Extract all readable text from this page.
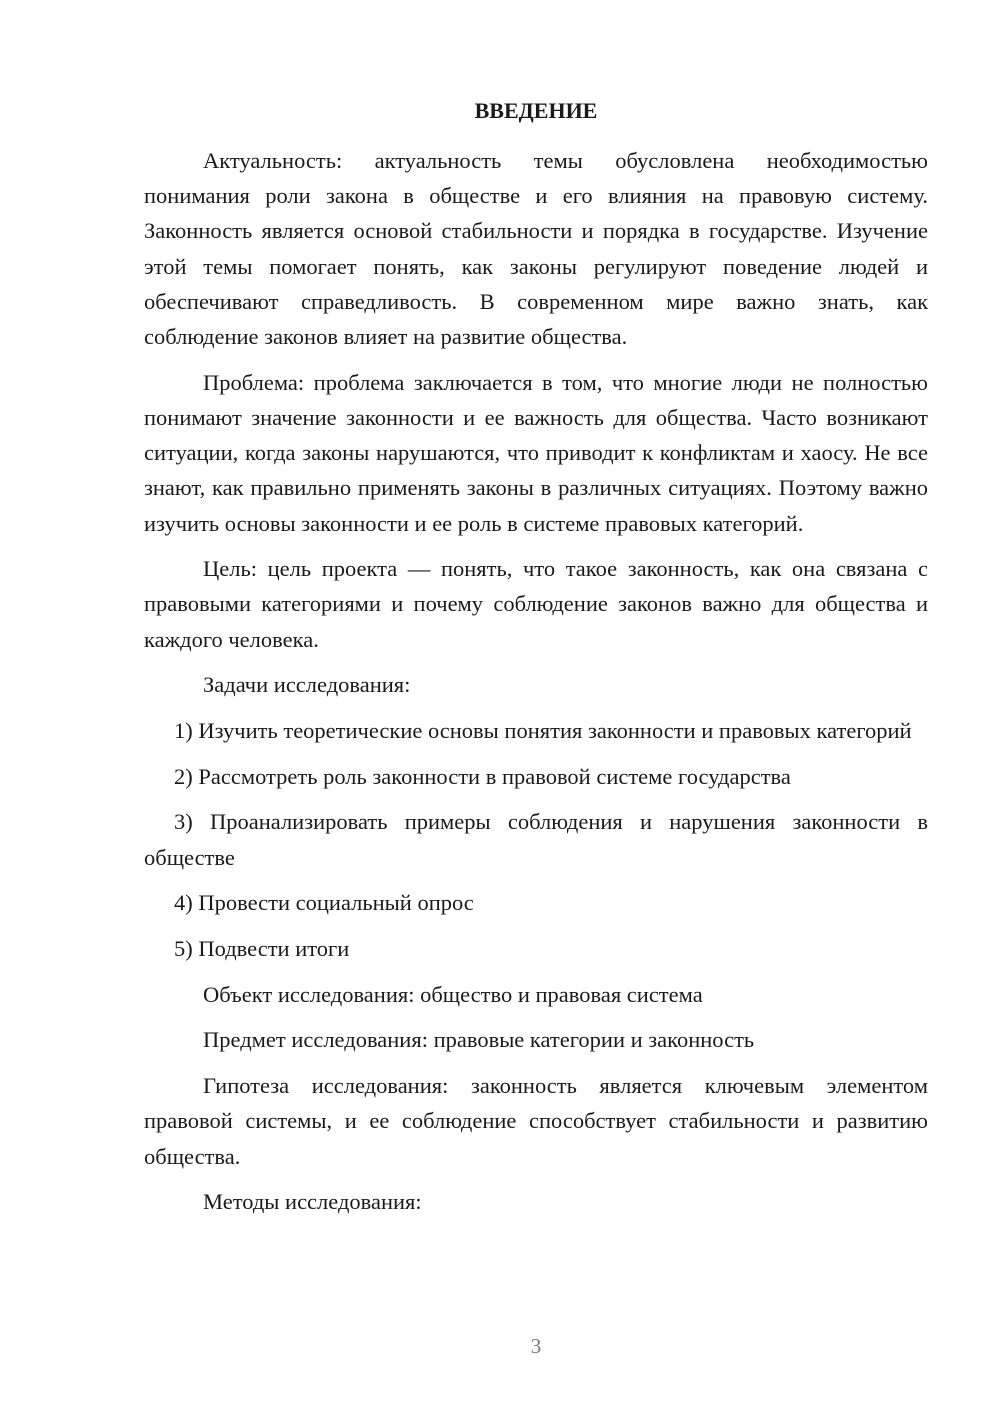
ВВЕДЕНИЕ

Актуальность: актуальность темы обусловлена необходимостью понимания роли закона в обществе и его влияния на правовую систему. Законность является основой стабильности и порядка в государстве. Изучение этой темы помогает понять, как законы регулируют поведение людей и обеспечивают справедливость. В современном мире важно знать, как соблюдение законов влияет на развитие общества.

Проблема: проблема заключается в том, что многие люди не полностью понимают значение законности и ее важность для общества. Часто возникают ситуации, когда законы нарушаются, что приводит к конфликтам и хаосу. Не все знают, как правильно применять законы в различных ситуациях. Поэтому важно изучить основы законности и ее роль в системе правовых категорий.

Цель: цель проекта — понять, что такое законность, как она связана с правовыми категориями и почему соблюдение законов важно для общества и каждого человека.

Задачи исследования:

1) Изучить теоретические основы понятия законности и правовых категорий

2) Рассмотреть роль законности в правовой системе государства

3) Проанализировать примеры соблюдения и нарушения законности в обществе

4) Провести социальный опрос

5) Подвести итоги

Объект исследования: общество и правовая система

Предмет исследования: правовые категории и законность

Гипотеза исследования: законность является ключевым элементом правовой системы, и ее соблюдение способствует стабильности и развитию общества.

Методы исследования:

3
